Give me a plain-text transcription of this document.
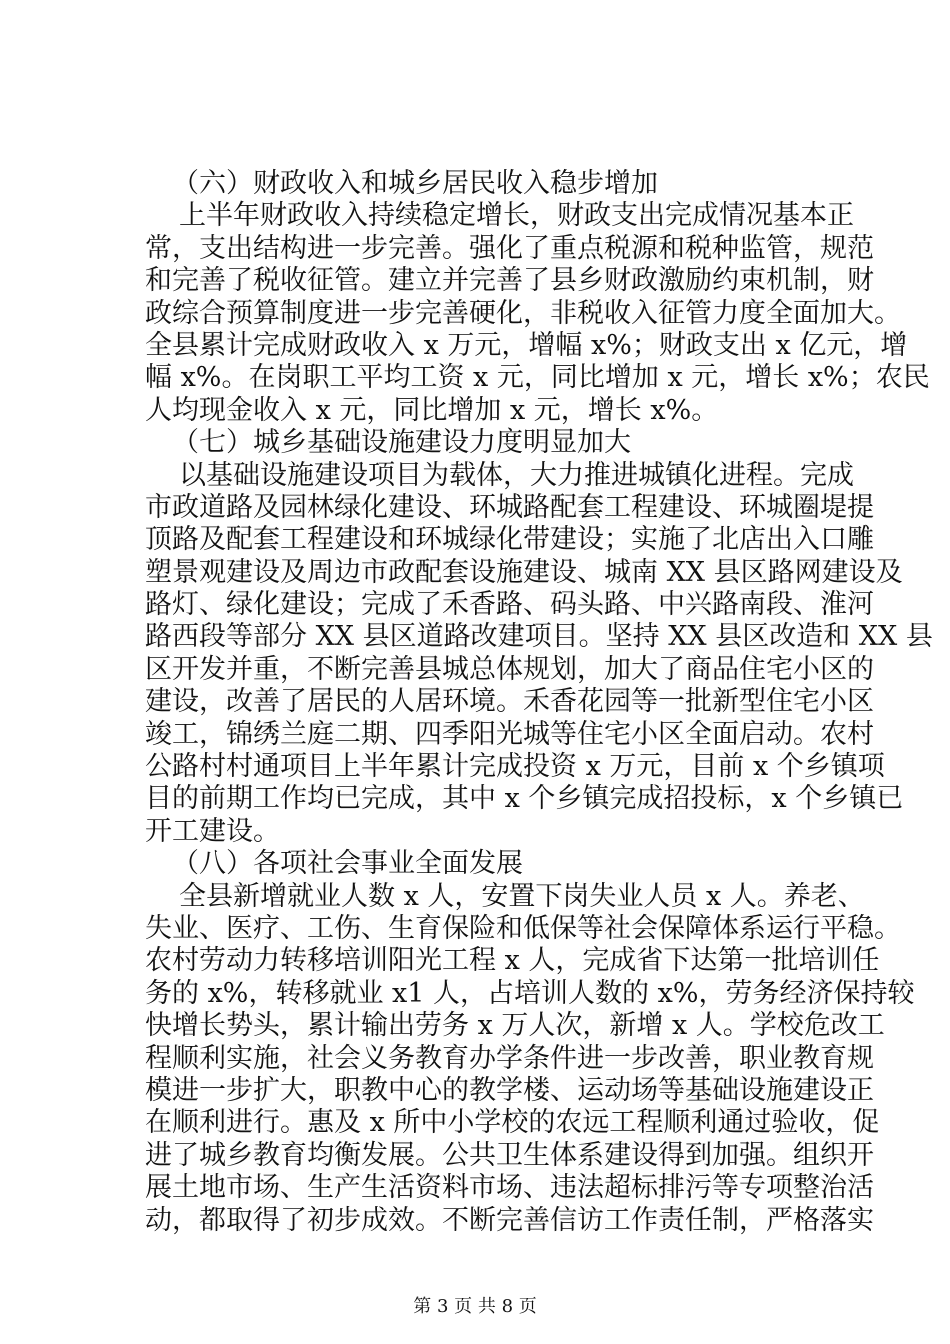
（六）财政收入和城乡居民收入稳步增加
上半年财政收入持续稳定增长，财政支出完成情况基本正
常，支出结构进一步完善。强化了重点税源和税种监管，规范
和完善了税收征管。建立并完善了县乡财政激励约束机制，财
政综合预算制度进一步完善硬化，非税收入征管力度全面加大。
全县累计完成财政收入 x 万元，增幅 x%；财政支出 x 亿元，增
幅 x%。在岗职工平均工资 x 元，同比增加 x 元，增长 x%；农民
人均现金收入 x 元，同比增加 x 元，增长 x%。
（七）城乡基础设施建设力度明显加大
以基础设施建设项目为载体，大力推进城镇化进程。完成
市政道路及园林绿化建设、环城路配套工程建设、环城圈堤提
顶路及配套工程建设和环城绿化带建设；实施了北店出入口雕
塑景观建设及周边市政配套设施建设、城南 XX 县区路网建设及
路灯、绿化建设；完成了禾香路、码头路、中兴路南段、淮河
路西段等部分 XX 县区道路改建项目。坚持 XX 县区改造和 XX 县
区开发并重，不断完善县城总体规划，加大了商品住宅小区的
建设，改善了居民的人居环境。禾香花园等一批新型住宅小区
竣工，锦绣兰庭二期、四季阳光城等住宅小区全面启动。农村
公路村村通项目上半年累计完成投资 x 万元，目前 x 个乡镇项
目的前期工作均已完成，其中 x 个乡镇完成招投标，x 个乡镇已
开工建设。
（八）各项社会事业全面发展
全县新增就业人数 x 人，安置下岗失业人员 x 人。养老、
失业、医疗、工伤、生育保险和低保等社会保障体系运行平稳。
农村劳动力转移培训阳光工程 x 人，完成省下达第一批培训任
务的 x%，转移就业 x1 人，占培训人数的 x%，劳务经济保持较
快增长势头，累计输出劳务 x 万人次，新增 x 人。学校危改工
程顺利实施，社会义务教育办学条件进一步改善，职业教育规
模进一步扩大，职教中心的教学楼、运动场等基础设施建设正
在顺利进行。惠及 x 所中小学校的农远工程顺利通过验收，促
进了城乡教育均衡发展。公共卫生体系建设得到加强。组织开
展土地市场、生产生活资料市场、违法超标排污等专项整治活
动，都取得了初步成效。不断完善信访工作责任制，严格落实
第 3 页 共 8 页
